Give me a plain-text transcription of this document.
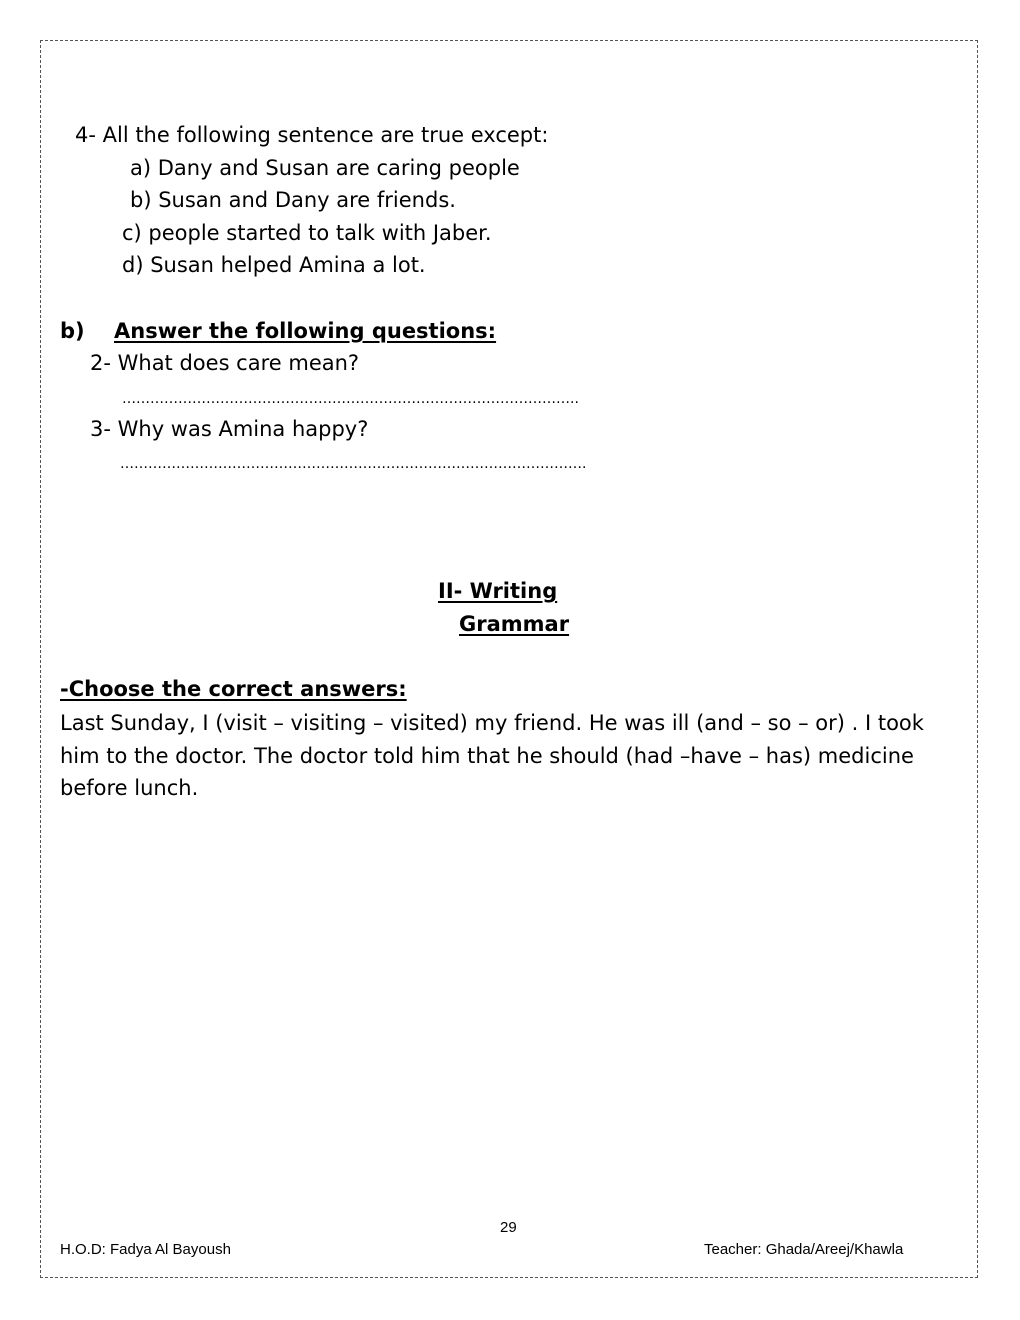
4- All the following sentence are true except:
a) Dany and Susan are caring people
b) Susan and Dany are friends.
c) people started to talk with Jaber.
d) Susan helped Amina a lot.
b)	Answer the following questions:
2- What does care mean?
……………………………………………………………………………………..
3- Why was Amina happy?
……………………………………………………………………………………….
II- Writing
Grammar
-Choose the correct answers:
Last Sunday, I (visit – visiting – visited) my friend. He was ill (and – so – or) . I took him to the doctor. The doctor told him that he should (had –have – has) medicine before lunch.
29
H.O.D: Fadya Al Bayoush	Teacher: Ghada/Areej/Khawla
